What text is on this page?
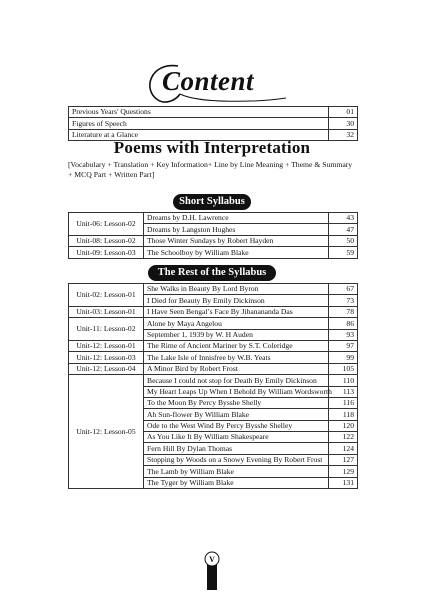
Content
Previous Years' Questions	01
Figures of Speech	30
Literature at a Glance	32
Poems with Interpretation
[Vocabulary + Translation + Key Information+ Line by Line Meaning + Theme & Summary + MCQ Part + Written Part]
Short Syllabus
Unit-06: Lesson-02	Dreams by D.H. Lawrence	43
	Dreams by Langston Hughes	47
Unit-08: Lesson-02	Those Winter Sundays by Robert Hayden	50
Unit-09: Lesson-03	The Schoolboy by William Blake	59
The Rest of the Syllabus
Unit-02: Lesson-01	She Walks in Beauty By Lord Byron	67
	I Died for Beauty By Emily Dickinson	73
Unit-03: Lesson-01	I Have Seen Bengal’s Face By Jibanananda Das	78
Unit-11: Lesson-02	Alone by Maya Angelou	86
	September 1, 1939 by W. H Auden	93
Unit-12: Lesson-01	The Rime of Ancient Mariner by S.T. Coleridge	97
Unit-12: Lesson-03	The Lake Isle of Innisfree by W.B. Yeats	99
Unit-12: Lesson-04	A Minor Bird by Robert Frost	105
Unit-12: Lesson-05	Because I could not stop for Death By Emily Dickinson	110
	My Heart Leaps Up When I Behold By William Wordsworth	113
	To the Moon By Percy Bysshe Shelly	116
	Ah Sun-flower By William Blake	118
	Ode to the West Wind By Percy Bysshe Shelley	120
	As You Like It By William Shakespeare	122
	Fern Hill By Dylan Thomas	124
	Stopping by Woods on a Snowy Evening By Robert Frost	127
	The Lamb by William Blake	129
	The Tyger by William Blake	131
V
